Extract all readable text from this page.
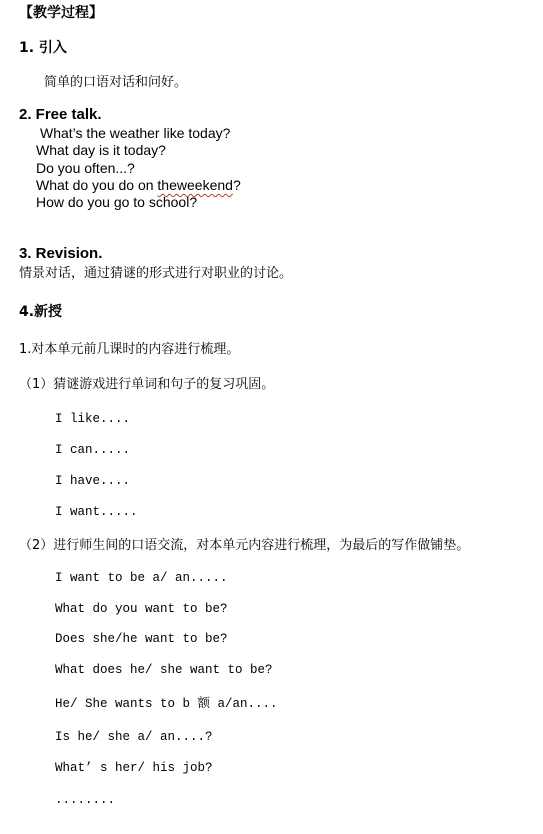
【教学过程】
1. 引入
简单的口语对话和问好。
2. Free talk.
What’s the weather like today?
What day is it today?
Do you often...?
What do you do on theweekend?
How do you go to school?
3. Revision.
情景对话，通过猜谜的形式进行对职业的讨论。
4.新授
1.对本单元前几课时的内容进行梳理。
（1）猜谜游戏进行单词和句子的复习巩固。
I like....
I can.....
I have....
I want.....
（2）进行师生间的口语交流，对本单元内容进行梳理，为最后的写作做铺垫。
I want to be a/ an.....
What do you want to be?
Does she/he want to be?
What does he/ she want to be?
He/ She wants to b 额 a/an....
Is he/ she a/ an....?
What’ s her/ his job?
........
